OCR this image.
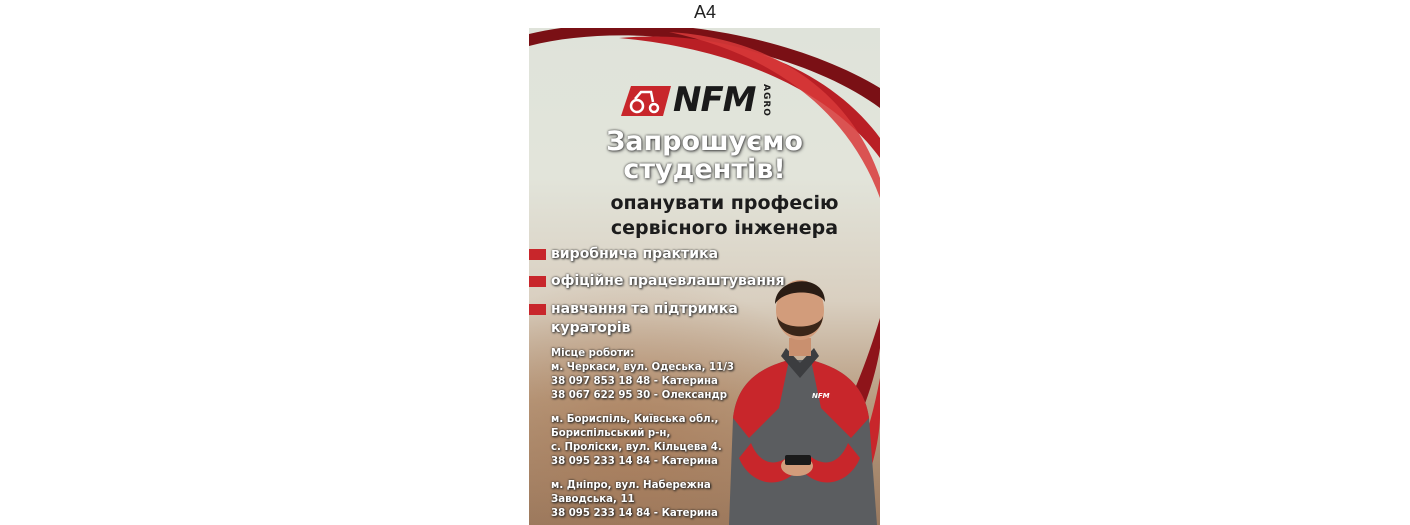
A4
NFM AGRO
Запрошуємо
студентів!
опанувати професію
сервісного інженера
виробнича практика
офіційне працевлаштування
навчання та підтримка
кураторів
Місце роботи:
м. Черкаси, вул. Одеська, 11/3
38 097 853 18 48 - Катерина
38 067 622 95 30 - Олександр
м. Бориспіль, Київська обл.,
Бориспільський р-н,
с. Проліски, вул. Кільцева 4.
38 095 233 14 84 - Катерина
м. Дніпро, вул. Набережна
Заводська, 11
38 095 233 14 84 - Катерина
NFM
